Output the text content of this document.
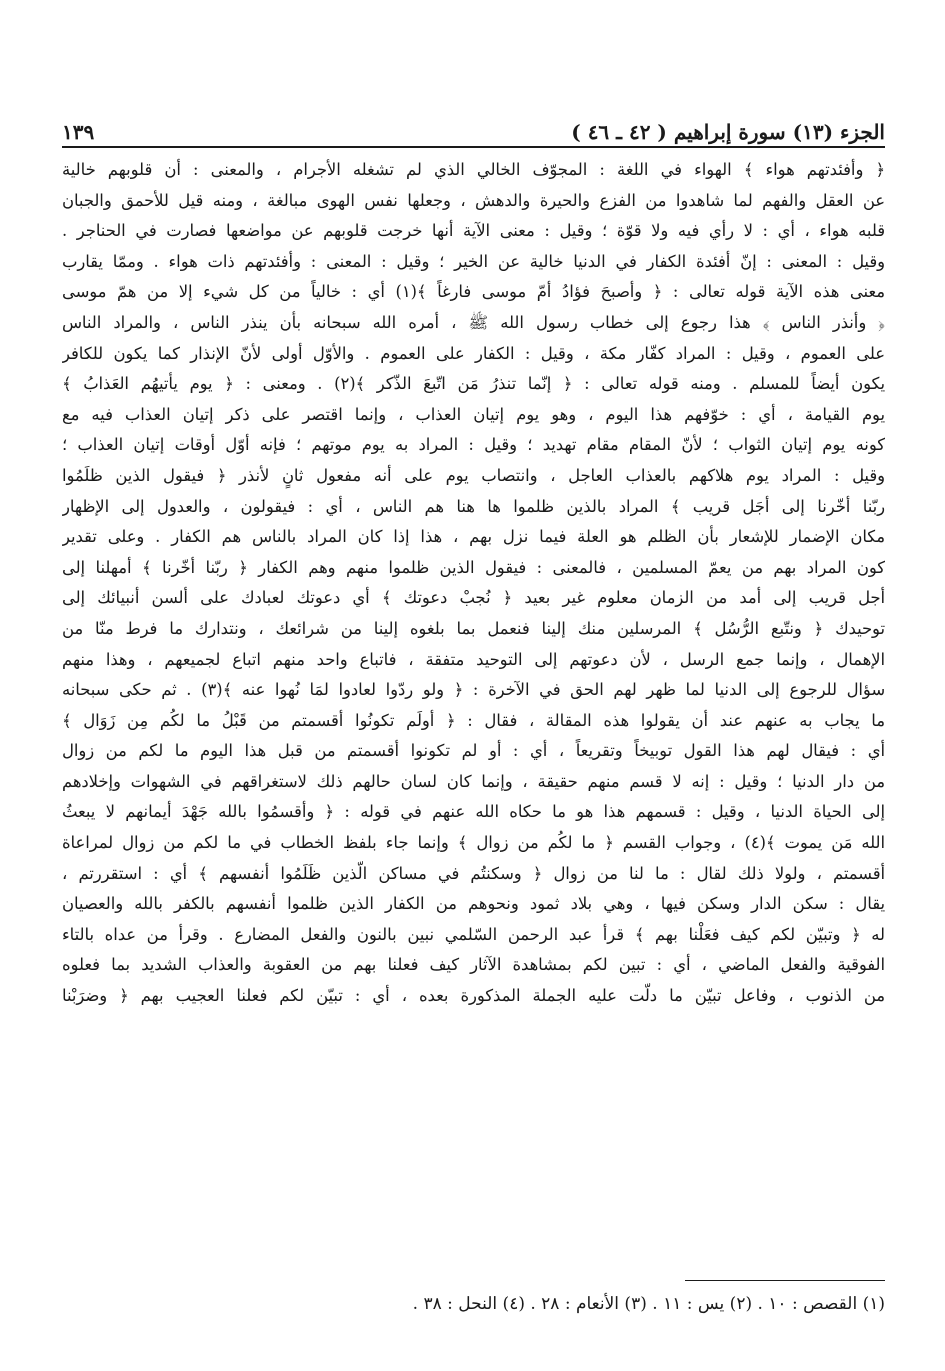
الجزء (١٣) سورة إبراهيم ( ٤٢ ـ ٤٦ )
١٣٩
﴿ وأفئدتهم هواء ﴾ الهواء في اللغة : المجوّف الخالي الذي لم تشغله الأجرام ، والمعنى : أن قلوبهم خالية
عن العقل والفهم لما شاهدوا من الفزع والحيرة والدهش ، وجعلها نفس الهوى مبالغة ، ومنه قيل للأحمق والجبان
قلبه هواء ، أي : لا رأي فيه ولا قوّة ؛ وقيل : معنى الآية أنها خرجت قلوبهم عن مواضعها فصارت في الحناجر .
وقيل : المعنى : إنّ أفئدة الكفار في الدنيا خالية عن الخير ؛ وقيل : المعنى : وأفئدتهم ذات هواء . وممّا يقارب
معنى هذه الآية قوله تعالى : ﴿ وأصبحَ فؤادُ أمّ موسى فارغاً ﴾(١) أي : خالياً من كل شيء إلا من همّ موسى
﴿ وأنذر الناس ﴾ هذا رجوع إلى خطاب رسول الله ﷺ ، أمره الله سبحانه بأن ينذر الناس ، والمراد الناس
على العموم ، وقيل : المراد كفّار مكة ، وقيل : الكفار على العموم . والأوّل أولى لأنّ الإنذار كما يكون للكافر
يكون أيضاً للمسلم . ومنه قوله تعالى : ﴿ إنّما تنذرُ مَن اتّبعَ الذّكر ﴾(٢) . ومعنى : ﴿ يوم يأتيهُم العَذابُ ﴾
يوم القيامة ، أي : خوّفهم هذا اليوم ، وهو يوم إتيان العذاب ، وإنما اقتصر على ذكر إتيان العذاب فيه مع
كونه يوم إتيان الثواب ؛ لأنّ المقام مقام تهديد ؛ وقيل : المراد به يوم موتهم ؛ فإنه أوّل أوقات إتيان العذاب ؛
وقيل : المراد يوم هلاكهم بالعذاب العاجل ، وانتصاب يوم على أنه مفعول ثانٍ لأنذر ﴿ فيقول الذين ظلَمُوا
ربّنا أخّرنا إلى أجَل قريب ﴾ المراد بالذين ظلموا ها هنا هم الناس ، أي : فيقولون ، والعدول إلى الإظهار
مكان الإضمار للإشعار بأن الظلم هو العلة فيما نزل بهم ، هذا إذا كان المراد بالناس هم الكفار . وعلى تقدير
كون المراد بهم من يعمّ المسلمين ، فالمعنى : فيقول الذين ظلموا منهم وهم الكفار ﴿ ربّنا أخّرنا ﴾ أمهلنا إلى
أجل قريب إلى أمد من الزمان معلوم غير بعيد ﴿ نُجبْ دعوتك ﴾ أي دعوتك لعبادك على ألسن أنبيائك إلى
توحيدك ﴿ ونتّبع الرُّسُل ﴾ المرسلين منك إلينا فنعمل بما بلغوه إلينا من شرائعك ، ونتدارك ما فرط منّا من
الإهمال ، وإنما جمع الرسل ، لأن دعوتهم إلى التوحيد متفقة ، فاتباع واحد منهم اتباع لجميعهم ، وهذا منهم
سؤال للرجوع إلى الدنيا لما ظهر لهم الحق في الآخرة : ﴿ ولو ردّوا لعادوا لمَا نُهوا عنه ﴾(٣) . ثم حكى سبحانه
ما يجاب به عنهم عند أن يقولوا هذه المقالة ، فقال : ﴿ أولَم تكونُوا أقسمتم من قَبْلُ ما لكُم مِن زَوَال ﴾
أي : فيقال لهم هذا القول توبيخاً وتقريعاً ، أي : أو لم تكونوا أقسمتم من قبل هذا اليوم ما لكم من زوال
من دار الدنيا ؛ وقيل : إنه لا قسم منهم حقيقة ، وإنما كان لسان حالهم ذلك لاستغراقهم في الشهوات وإخلادهم
إلى الحياة الدنيا ، وقيل : قسمهم هذا هو ما حكاه الله عنهم في قوله : ﴿ وأقسمُوا بالله جَهْدَ أيمانهم لا يبعثُ
الله مَن يموت ﴾(٤) ، وجواب القسم ﴿ ما لكُم من زوال ﴾ وإنما جاء بلفظ الخطاب في ما لكم من زوال لمراعاة
أقسمتم ، ولولا ذلك لقال : ما لنا من زوال ﴿ وسكنتُم في مساكن الّذين ظَلَمُوا أنفسهم ﴾ أي : استقررتم ،
يقال : سكن الدار وسكن فيها ، وهي بلاد ثمود ونحوهم من الكفار الذين ظلموا أنفسهم بالكفر بالله والعصيان
له ﴿ وتبيّن لكم كيف فعَلْنا بهم ﴾ قرأ عبد الرحمن السّلمي نبين بالنون والفعل المضارع . وقرأ من عداه بالتاء
الفوقية والفعل الماضي ، أي : تبين لكم بمشاهدة الآثار كيف فعلنا بهم من العقوبة والعذاب الشديد بما فعلوه
من الذنوب ، وفاعل تبيّن ما دلّت عليه الجملة المذكورة بعده ، أي : تبيّن لكم فعلنا العجيب بهم ﴿ وضرَبْنا
(١) القصص : ١٠ . (٢) يس : ١١ . (٣) الأنعام : ٢٨ . (٤) النحل : ٣٨ .
